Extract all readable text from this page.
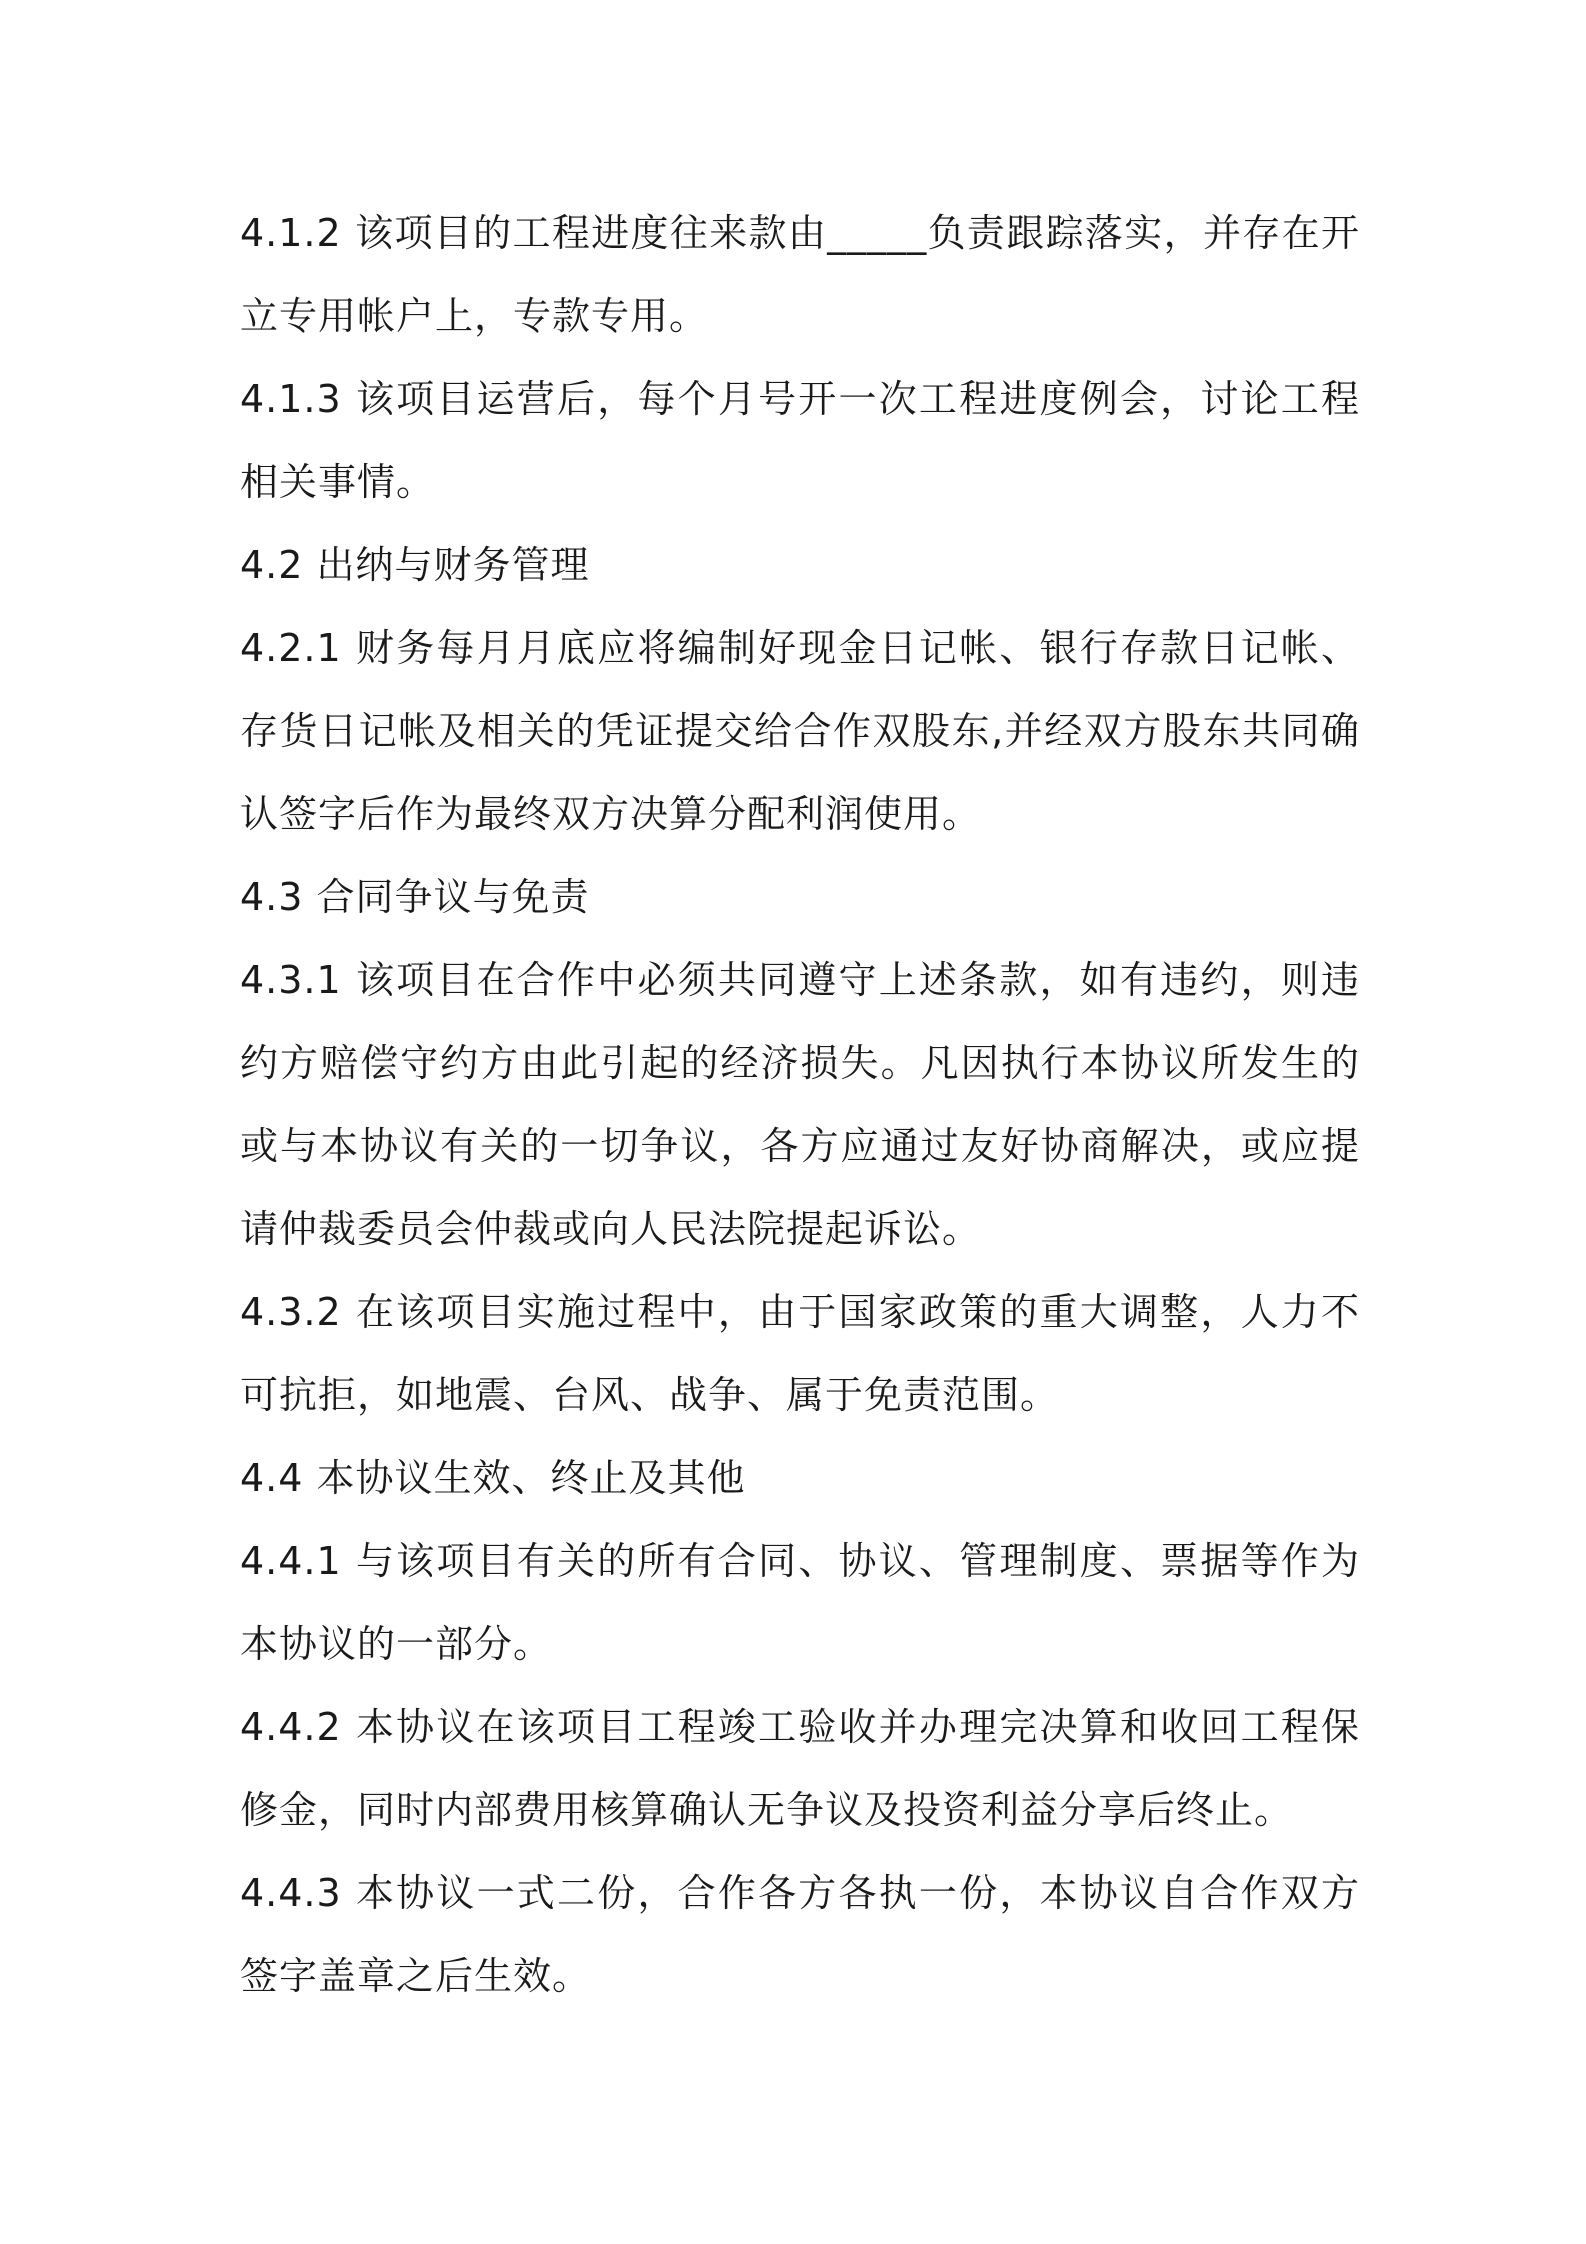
4.1.2 该项目的工程进度往来款由_____负责跟踪落实，并存在开立专用帐户上，专款专用。

4.1.3 该项目运营后，每个月号开一次工程进度例会，讨论工程相关事情。

4.2 出纳与财务管理

4.2.1 财务每月月底应将编制好现金日记帐、银行存款日记帐、存货日记帐及相关的凭证提交给合作双股东,并经双方股东共同确认签字后作为最终双方决算分配利润使用。

4.3 合同争议与免责

4.3.1 该项目在合作中必须共同遵守上述条款，如有违约，则违约方赔偿守约方由此引起的经济损失。凡因执行本协议所发生的或与本协议有关的一切争议，各方应通过友好协商解决，或应提请仲裁委员会仲裁或向人民法院提起诉讼。

4.3.2 在该项目实施过程中，由于国家政策的重大调整，人力不可抗拒，如地震、台风、战争、属于免责范围。

4.4 本协议生效、终止及其他

4.4.1 与该项目有关的所有合同、协议、管理制度、票据等作为本协议的一部分。

4.4.2 本协议在该项目工程竣工验收并办理完决算和收回工程保修金，同时内部费用核算确认无争议及投资利益分享后终止。

4.4.3 本协议一式二份，合作各方各执一份，本协议自合作双方签字盖章之后生效。
